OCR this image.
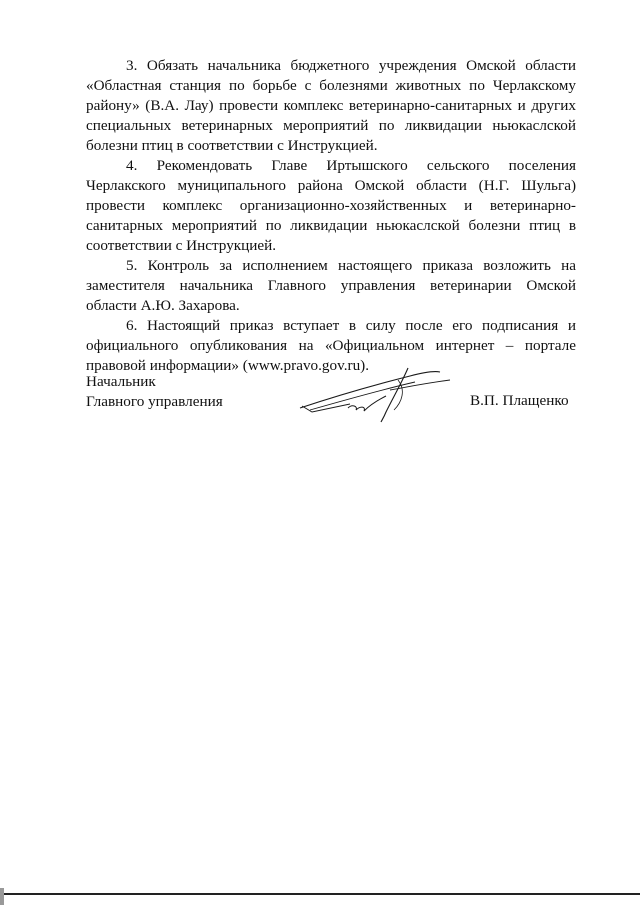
3. Обязать начальника бюджетного учреждения Омской области «Областная станция по борьбе с болезнями животных по Черлакскому району» (В.А. Лау) провести комплекс ветеринарно-санитарных и других специальных ветеринарных мероприятий по ликвидации ньюкаслской болезни птиц в соответствии с Инструкцией.

4. Рекомендовать Главе Иртышского сельского поселения Черлакского муниципального района Омской области (Н.Г. Шульга) провести комплекс организационно-хозяйственных и ветеринарно-санитарных мероприятий по ликвидации ньюкаслской болезни птиц в соответствии с Инструкцией.

5. Контроль за исполнением настоящего приказа возложить на заместителя начальника Главного управления ветеринарии Омской области А.Ю. Захарова.

6. Настоящий приказ вступает в силу после его подписания и официального опубликования на «Официальном интернет – портале правовой информации» (www.pravo.gov.ru).

Начальник
Главного управления	В.П. Плащенко
